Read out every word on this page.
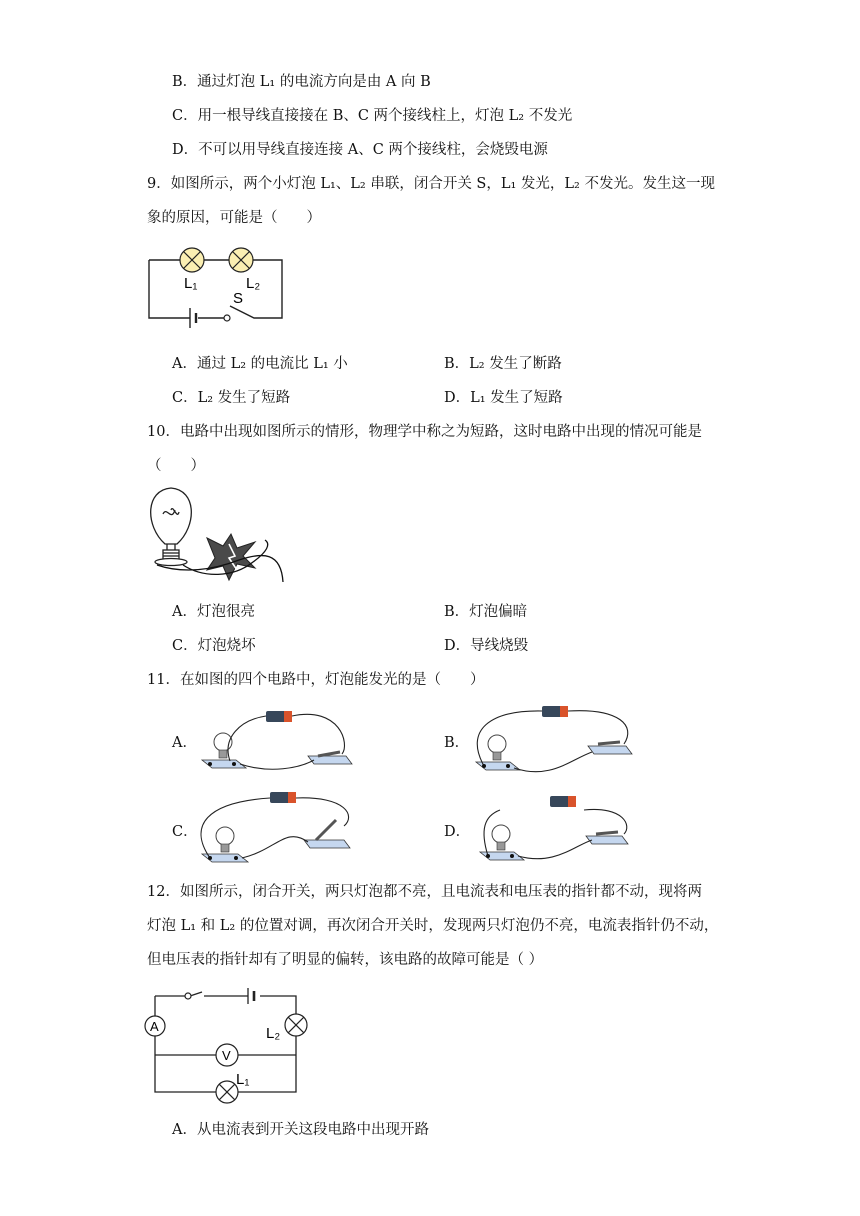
B．通过灯泡 L₁ 的电流方向是由 A 向 B
C．用一根导线直接接在 B、C 两个接线柱上，灯泡 L₂ 不发光
D．不可以用导线直接连接 A、C 两个接线柱，会烧毁电源
9．如图所示，两个小灯泡 L₁、L₂ 串联，闭合开关 S，L₁ 发光，L₂ 不发光。发生这一现
象的原因，可能是（　　）
L₁	L₂
S
A．通过 L₂ 的电流比 L₁ 小	B．L₂ 发生了断路
C．L₂ 发生了短路	D．L₁ 发生了短路
10．电路中出现如图所示的情形，物理学中称之为短路，这时电路中出现的情况可能是
（　　）
A．灯泡很亮	B．灯泡偏暗
C．灯泡烧坏	D．导线烧毁
11．在如图的四个电路中，灯泡能发光的是（　　）
A．	B．
C．	D．
12．如图所示，闭合开关，两只灯泡都不亮，且电流表和电压表的指针都不动，现将两
灯泡 L₁ 和 L₂ 的位置对调，再次闭合开关时，发现两只灯泡仍不亮，电流表指针仍不动，
但电压表的指针却有了明显的偏转，该电路的故障可能是（ ）
A
V
L₂
L₁
A．从电流表到开关这段电路中出现开路
